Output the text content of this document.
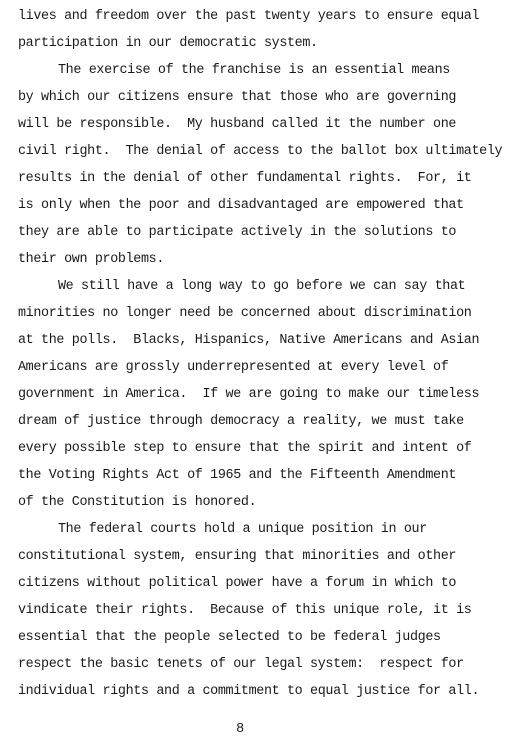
lives and freedom over the past twenty years to ensure equal
participation in our democratic system.
The exercise of the franchise is an essential means
by which our citizens ensure that those who are governing
will be responsible.  My husband called it the number one
civil right.  The denial of access to the ballot box ultimately
results in the denial of other fundamental rights.  For, it
is only when the poor and disadvantaged are empowered that
they are able to participate actively in the solutions to
their own problems.
We still have a long way to go before we can say that
minorities no longer need be concerned about discrimination
at the polls.  Blacks, Hispanics, Native Americans and Asian
Americans are grossly underrepresented at every level of
government in America.  If we are going to make our timeless
dream of justice through democracy a reality, we must take
every possible step to ensure that the spirit and intent of
the Voting Rights Act of 1965 and the Fifteenth Amendment
of the Constitution is honored.
The federal courts hold a unique position in our
constitutional system, ensuring that minorities and other
citizens without political power have a forum in which to
vindicate their rights.  Because of this unique role, it is
essential that the people selected to be federal judges
respect the basic tenets of our legal system:  respect for
individual rights and a commitment to equal justice for all.
8
